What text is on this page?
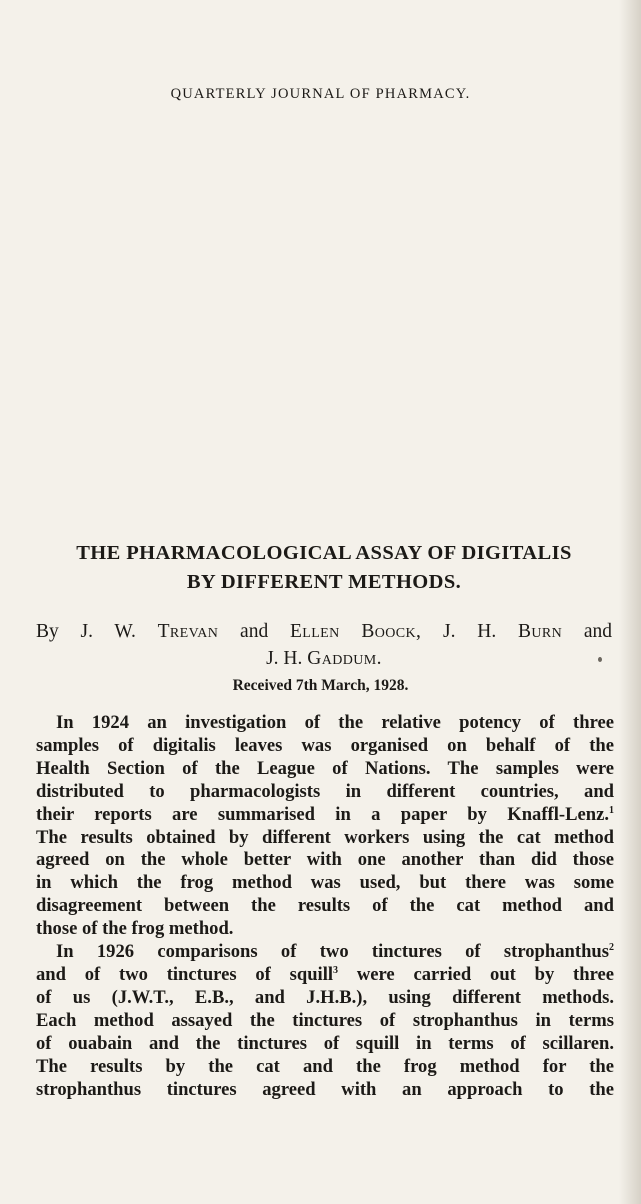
QUARTERLY JOURNAL OF PHARMACY.
THE PHARMACOLOGICAL ASSAY OF DIGITALIS
BY DIFFERENT METHODS.
By J. W. Trevan and Ellen Boock, J. H. Burn and
J. H. Gaddum.
Received 7th March, 1928.
In 1924 an investigation of the relative potency of three
samples of digitalis leaves was organised on behalf of the
Health Section of the League of Nations. The samples were
distributed to pharmacologists in different countries, and
their reports are summarised in a paper by Knaffl-Lenz.$^1$
The results obtained by different workers using the cat method
agreed on the whole better with one another than did those
in which the frog method was used, but there was some
disagreement between the results of the cat method and
those of the frog method.
In 1926 comparisons of two tinctures of strophanthus$^2$
and of two tinctures of squill$^3$ were carried out by three
of us (J.W.T., E.B., and J.H.B.), using different methods.
Each method assayed the tinctures of strophanthus in terms
of ouabain and the tinctures of squill in terms of scillaren.
The results by the cat and the frog method for the
strophanthus tinctures agreed with an approach to the
